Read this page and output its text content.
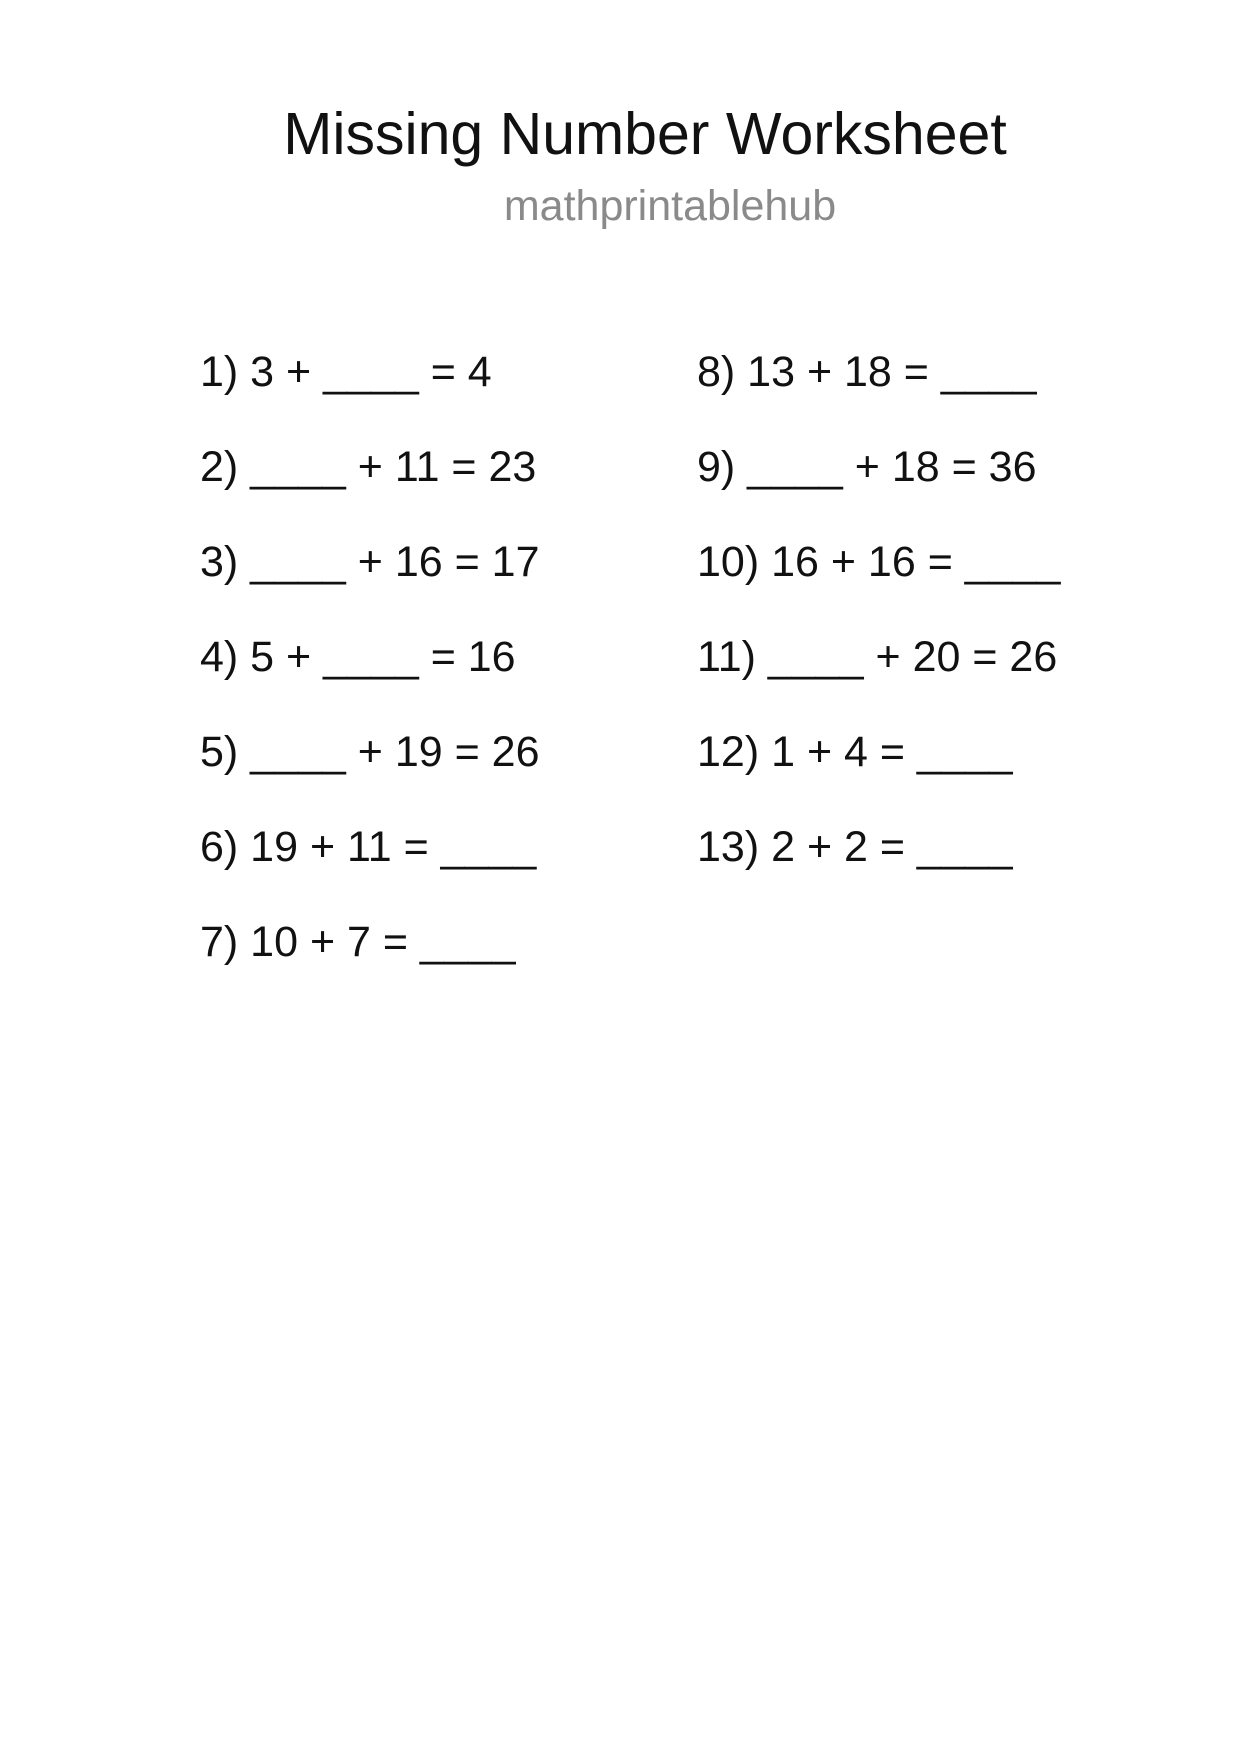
Missing Number Worksheet
mathprintablehub
1) 3 + ____ = 4
2) ____ + 11 = 23
3) ____ + 16 = 17
4) 5 + ____ = 16
5) ____ + 19 = 26
6) 19 + 11 = ____
7) 10 + 7 = ____
8) 13 + 18 = ____
9) ____ + 18 = 36
10) 16 + 16 = ____
11) ____ + 20 = 26
12) 1 + 4 = ____
13) 2 + 2 = ____
